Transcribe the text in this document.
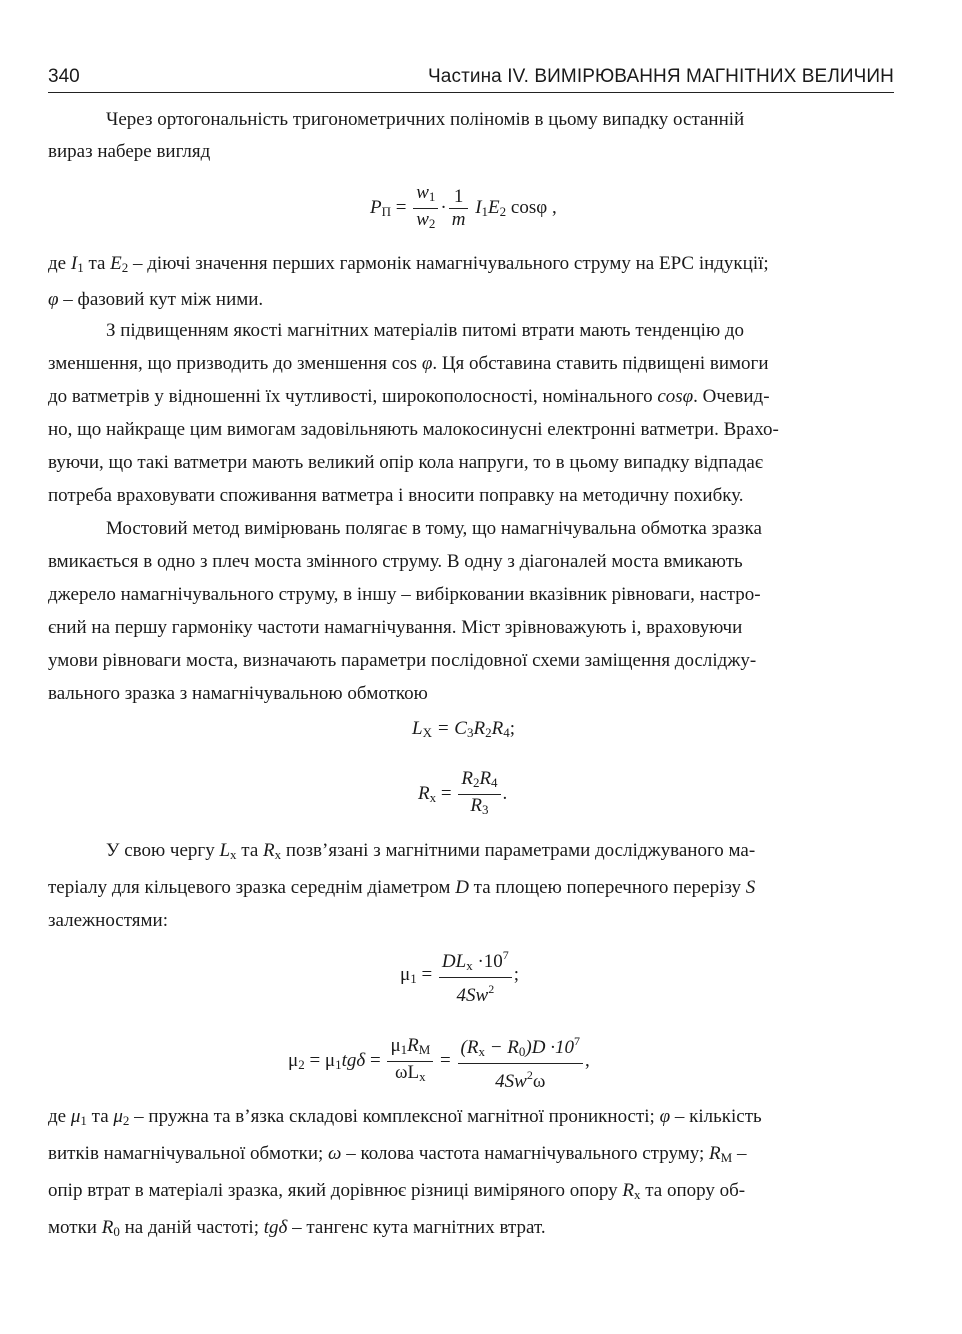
340	Частина IV. ВИМІРЮВАННЯ МАГНІТНИХ ВЕЛИЧИН
Через ортогональність тригонометричних поліномів в цьому випадку останній
вираз набере вигляд
$P_П = \frac{w_1}{w_2} \cdot \frac{1}{m} I_1E_2$ cosφ ,
де $I_1$ та $E_2$ – діючі значення перших гармонік намагнічувального струму на ЕРС індукції;
φ – фазовий кут між ними.
З підвищенням якості магнітних матеріалів питомі втрати мають тенденцію до
зменшення, що призводить до зменшення cos φ. Ця обставина ставить підвищені вимоги
до ватметрів у відношенні їх чутливості, широкополосності, номінального cosφ. Очевид-
но, що найкраще цим вимогам задовільняють малокосинусні електронні ватметри. Врахо-
вуючи, що такі ватметри мають великий опір кола напруги, то в цьому випадку відпадає
потреба враховувати споживання ватметра і вносити поправку на методичну похибку.
Мостовий метод вимірювань полягає в тому, що намагнічувальна обмотка зразка
вмикається в одно з плеч моста змінного струму. В одну з діагоналей моста вмикають
джерело намагнічувального струму, в іншу – вибірковании вказівник рівноваги, настро-
єний на першу гармоніку частоти намагнічування. Міст зрівноважують і, враховуючи
умови рівноваги моста, визначають параметри послідовної схеми заміщення досліджу-
вального зразка з намагнічувальною обмоткою
$L_X = C_3R_2R_4$;
$R_x = \frac{R_2R_4}{R_3}$ .
У свою чергу $L_x$ та $R_x$ позв’язані з магнітними параметрами досліджуваного ма-
теріалу для кільцевого зразка середнім діаметром D та площею поперечного перерізу S
залежностями:
$\mu_1 = \frac{DL_x \cdot 10^7}{4Sw^2}$ ;
$\mu_2 = \mu_1tg\delta = \frac{\mu_1R_M}{\omega L_x} = \frac{(R_x - R_0)D \cdot 10^7}{4Sw^2\omega}$ ,
де $\mu_1$ та $\mu_2$ – пружна та в’язка складові комплексної магнітної проникності; φ – кількість
витків намагнічувальної обмотки; ω – колова частота намагнічувального струму; $R_M$ –
опір втрат в матеріалі зразка, який дорівнює різниці виміряного опору $R_x$ та опору об-
мотки $R_0$ на даній частоті; tgδ – тангенс кута магнітних втрат.
